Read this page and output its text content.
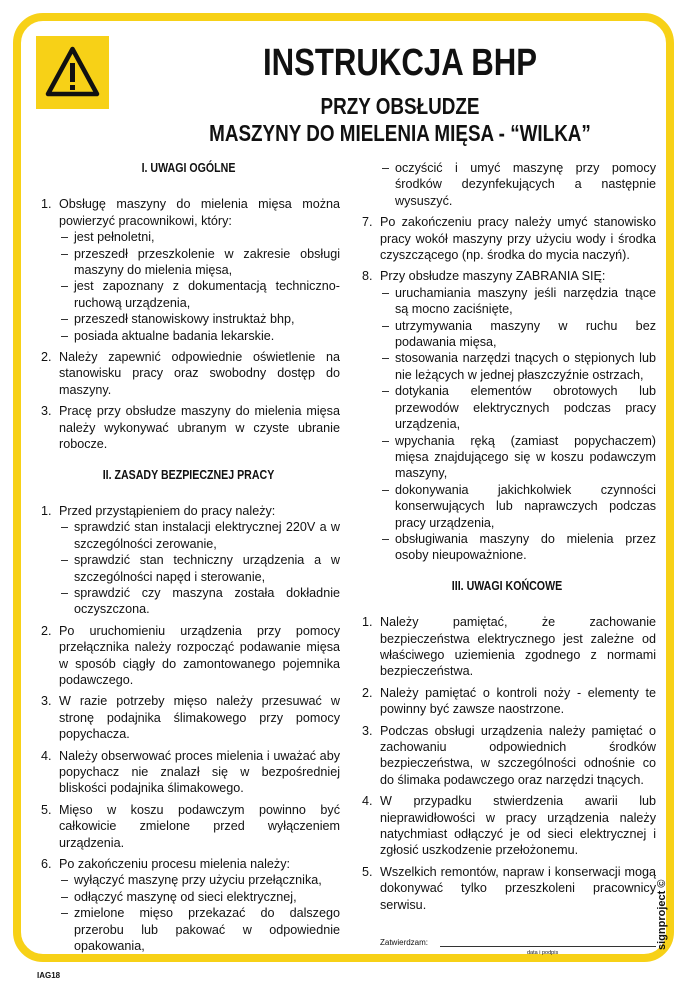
INSTRUKCJA BHP
PRZY OBSŁUDZE
MASZYNY DO MIELENIA MIĘSA - “WILKA”
I. UWAGI OGÓLNE
1. Obsługę maszyny do mielenia mięsa można powierzyć pracownikowi, który:
– jest pełnoletni,
– przeszedł przeszkolenie w zakresie obsługi maszyny do mielenia mięsa,
– jest zapoznany z dokumentacją technicznoruchową urządzenia,
– przeszedł stanowiskowy instruktaż bhp,
– posiada aktualne badania lekarskie.
2. Należy zapewnić odpowiednie oświetlenie na stanowisku pracy oraz swobodny dostęp do maszyny.
3. Pracę przy obsłudze maszyny do mielenia mięsa należy wykonywać ubranym w czyste ubranie robocze.
II. ZASADY BEZPIECZNEJ PRACY
1. Przed przystąpieniem do pracy należy:
– sprawdzić stan instalacji elektrycznej 220V a w szczególności zerowanie,
– sprawdzić stan techniczny urządzenia a w szczególności napęd i sterowanie,
– sprawdzić czy maszyna została dokładnie oczyszczona.
2. Po uruchomieniu urządzenia przy pomocy przełącznika należy rozpocząć podawanie mięsa w sposób ciągły do zamontowanego pojemnika podawczego.
3. W razie potrzeby mięso należy przesuwać w stronę podajnika ślimakowego przy pomocy popychacza.
4. Należy obserwować proces mielenia i uważać aby popychacz nie znalazł się w bezpośredniej bliskości podajnika ślimakowego.
5. Mięso w koszu podawczym powinno być całkowicie zmielone przed wyłączeniem urządzenia.
6. Po zakończeniu procesu mielenia należy:
– wyłączyć maszynę przy użyciu przełącznika,
– odłączyć maszynę od sieci elektrycznej,
– zmielone mięso przekazać do dalszego przerobu lub pakować w odpowiednie opakowania,
– oczyścić i umyć maszynę przy pomocy środków dezynfekujących a następnie wysuszyć.
7. Po zakończeniu pracy należy umyć stanowisko pracy wokół maszyny przy użyciu wody i środka czyszczącego (np. środka do mycia naczyń).
8. Przy obsłudze maszyny ZABRANIA SIĘ:
– uruchamiania maszyny jeśli narzędzia tnące są mocno zaciśnięte,
– utrzymywania maszyny w ruchu bez podawania mięsa,
– stosowania narzędzi tnących o stępionych lub nie leżących w jednej płaszczyźnie ostrzach,
– dotykania elementów obrotowych lub przewodów elektrycznych podczas pracy urządzenia,
– wpychania ręką (zamiast popychaczem) mięsa znajdującego się w koszu podawczym maszyny,
– dokonywania jakichkolwiek czynności konserwujących lub naprawczych podczas pracy urządzenia,
– obsługiwania maszyny do mielenia przez osoby nieupoważnione.
III. UWAGI KOŃCOWE
1. Należy pamiętać, że zachowanie bezpieczeństwa elektrycznego jest zależne od właściwego uziemienia zgodnego z normami bezpieczeństwa.
2. Należy pamiętać o kontroli noży - elementy te powinny być zawsze naostrzone.
3. Podczas obsługi urządzenia należy pamiętać o zachowaniu odpowiednich środków bezpieczeństwa, w szczególności odnośnie co do ślimaka podawczego oraz narzędzi tnących.
4. W przypadku stwierdzenia awarii lub nieprawidłowości w pracy urządzenia należy natychmiast odłączyć je od sieci elektrycznej i zgłosić uszkodzenie przełożonemu.
5. Wszelkich remontów, napraw i konserwacji mogą dokonywać tylko przeszkoleni pracownicy serwisu.
Zatwierdzam:
data i podpis
signproject ©
IAG18
